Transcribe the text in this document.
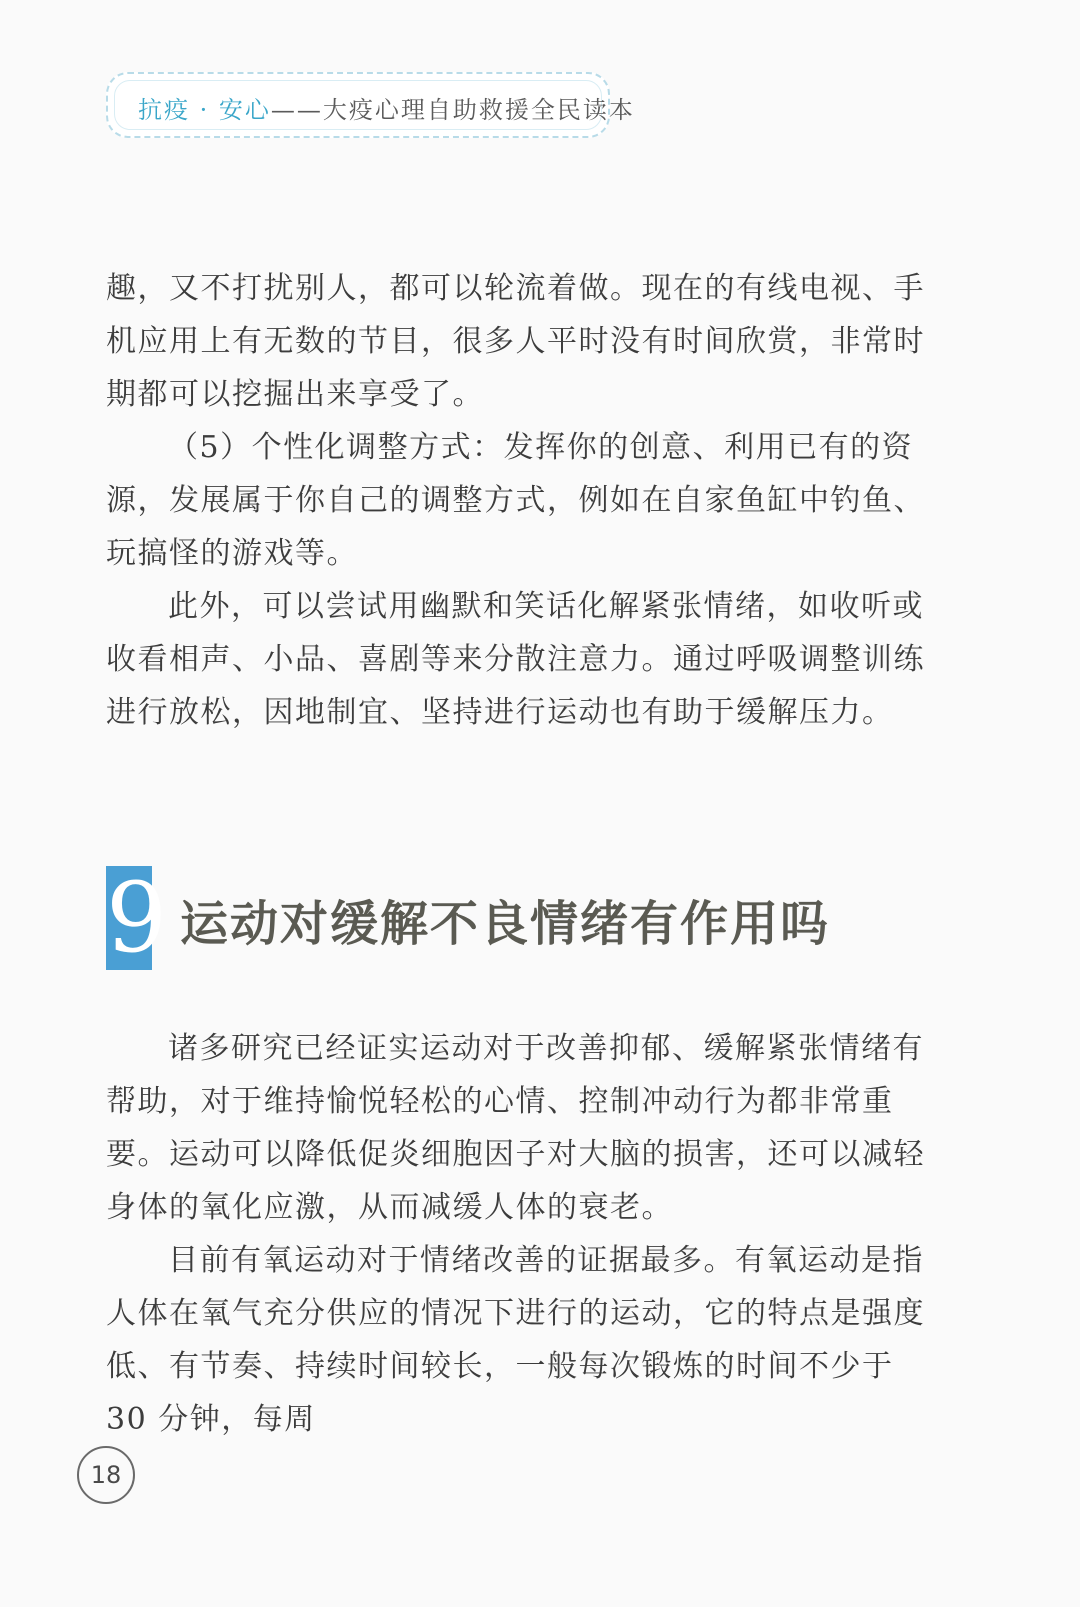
抗疫 · 安心——大疫心理自助救援全民读本

趣，又不打扰别人，都可以轮流着做。现在的有线电视、手机应用上有无数的节目，很多人平时没有时间欣赏，非常时期都可以挖掘出来享受了。

（5）个性化调整方式：发挥你的创意、利用已有的资源，发展属于你自己的调整方式，例如在自家鱼缸中钓鱼、玩搞怪的游戏等。

此外，可以尝试用幽默和笑话化解紧张情绪，如收听或收看相声、小品、喜剧等来分散注意力。通过呼吸调整训练进行放松，因地制宜、坚持进行运动也有助于缓解压力。

9 运动对缓解不良情绪有作用吗

诸多研究已经证实运动对于改善抑郁、缓解紧张情绪有帮助，对于维持愉悦轻松的心情、控制冲动行为都非常重要。运动可以降低促炎细胞因子对大脑的损害，还可以减轻身体的氧化应激，从而减缓人体的衰老。

目前有氧运动对于情绪改善的证据最多。有氧运动是指人体在氧气充分供应的情况下进行的运动，它的特点是强度低、有节奏、持续时间较长，一般每次锻炼的时间不少于 30 分钟，每周

18
